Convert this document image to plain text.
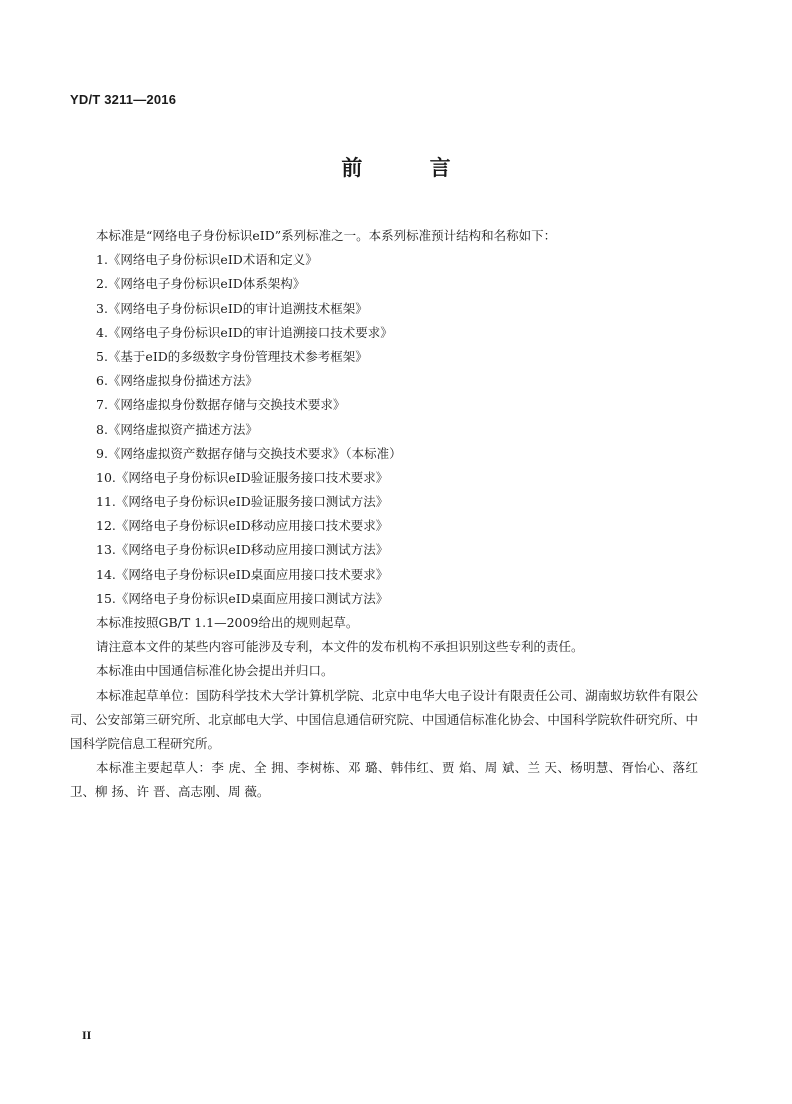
YD/T 3211—2016
前 言
本标准是“网络电子身份标识eID”系列标准之一。本系列标准预计结构和名称如下：
1.《网络电子身份标识eID术语和定义》
2.《网络电子身份标识eID体系架构》
3.《网络电子身份标识eID的审计追溯技术框架》
4.《网络电子身份标识eID的审计追溯接口技术要求》
5.《基于eID的多级数字身份管理技术参考框架》
6.《网络虚拟身份描述方法》
7.《网络虚拟身份数据存储与交换技术要求》
8.《网络虚拟资产描述方法》
9.《网络虚拟资产数据存储与交换技术要求》（本标准）
10.《网络电子身份标识eID验证服务接口技术要求》
11.《网络电子身份标识eID验证服务接口测试方法》
12.《网络电子身份标识eID移动应用接口技术要求》
13.《网络电子身份标识eID移动应用接口测试方法》
14.《网络电子身份标识eID桌面应用接口技术要求》
15.《网络电子身份标识eID桌面应用接口测试方法》
本标准按照GB/T 1.1—2009给出的规则起草。
请注意本文件的某些内容可能涉及专利，本文件的发布机构不承担识别这些专利的责任。
本标准由中国通信标准化协会提出并归口。
本标准起草单位：国防科学技术大学计算机学院、北京中电华大电子设计有限责任公司、湖南蚁坊软件有限公司、公安部第三研究所、北京邮电大学、中国信息通信研究院、中国通信标准化协会、中国科学院软件研究所、中国科学院信息工程研究所。
本标准主要起草人：李 虎、全 拥、李树栋、邓 璐、韩伟红、贾 焰、周 斌、兰 天、杨明慧、胥怡心、落红卫、柳 扬、许 晋、高志刚、周 薇。
II
